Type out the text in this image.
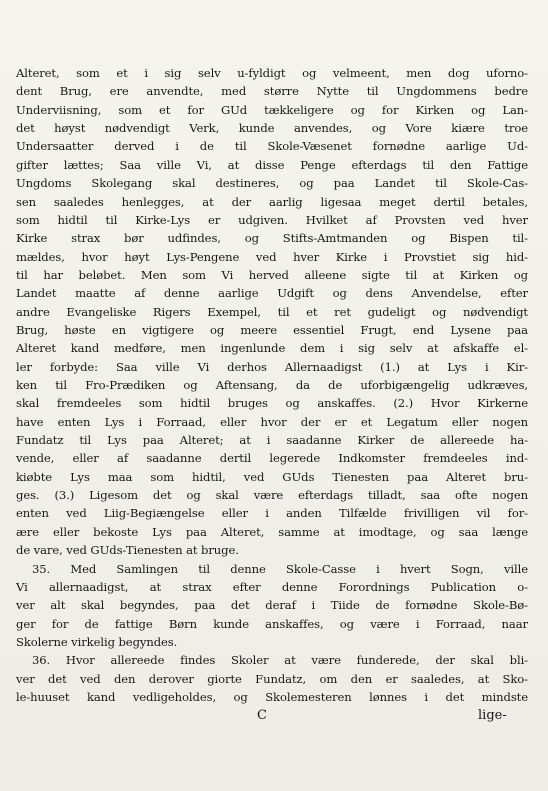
Alteret, som et i sig selv u-fyldigt og velmeent, men dog uforno-
dent Brug, ere anvendte, med større Nytte til Ungdommens bedre
Underviisning, som et for GUd tækkeligere og for Kirken og Lan-
det høyst nødvendigt Verk, kunde anvendes, og Vore kiære troe
Undersaatter derved i de til Skole-Væsenet fornødne aarlige Ud-
gifter lættes; Saa ville Vi, at disse Penge efterdags til den Fattige
Ungdoms Skolegang skal destineres, og paa Landet til Skole-Cas-
sen saaledes henlegges, at der aarlig ligesaa meget dertil betales,
som hidtil til Kirke-Lys er udgiven. Hvilket af Provsten ved hver
Kirke strax bør udfindes, og Stifts-Amtmanden og Bispen til-
mældes, hvor høyt Lys-Pengene ved hver Kirke i Provstiet sig hid-
til har beløbet. Men som Vi herved alleene sigte til at Kirken og
Landet maatte af denne aarlige Udgift og dens Anvendelse, efter
andre Evangeliske Rigers Exempel, til et ret gudeligt og nødvendigt
Brug, høste en vigtigere og meere essentiel Frugt, end Lysene paa
Alteret kand medføre, men ingenlunde dem i sig selv at afskaffe el-
ler forbyde: Saa ville Vi derhos Allernaadigst (1.) at Lys i Kir-
ken til Fro-Prædiken og Aftensang, da de uforbigængelig udkræves,
skal fremdeeles som hidtil bruges og anskaffes. (2.) Hvor Kirkerne
have enten Lys i Forraad, eller hvor der er et Legatum eller nogen
Fundatz til Lys paa Alteret; at i saadanne Kirker de allereede ha-
vende, eller af saadanne dertil legerede Indkomster fremdeeles ind-
kiøbte Lys maa som hidtil, ved GUds Tienesten paa Alteret bru-
ges. (3.) Ligesom det og skal være efterdags tilladt, saa ofte nogen
enten ved Liig-Begiængelse eller i anden Tilfælde frivilligen vil for-
ære eller bekoste Lys paa Alteret, samme at imodtage, og saa længe
de vare, ved GUds-Tienesten at bruge.
35. Med Samlingen til denne Skole-Casse i hvert Sogn, ville
Vi allernaadigst, at strax efter denne Forordnings Publication o-
ver alt skal begyndes, paa det deraf i Tiide de fornødne Skole-Bø-
ger for de fattige Børn kunde anskaffes, og være i Forraad, naar
Skolerne virkelig begyndes.
36. Hvor allereede findes Skoler at være funderede, der skal bli-
ver det ved den derover giorte Fundatz, om den er saaledes, at Sko-
le-huuset kand vedligeholdes, og Skolemesteren lønnes i det mindste
C	lige-
